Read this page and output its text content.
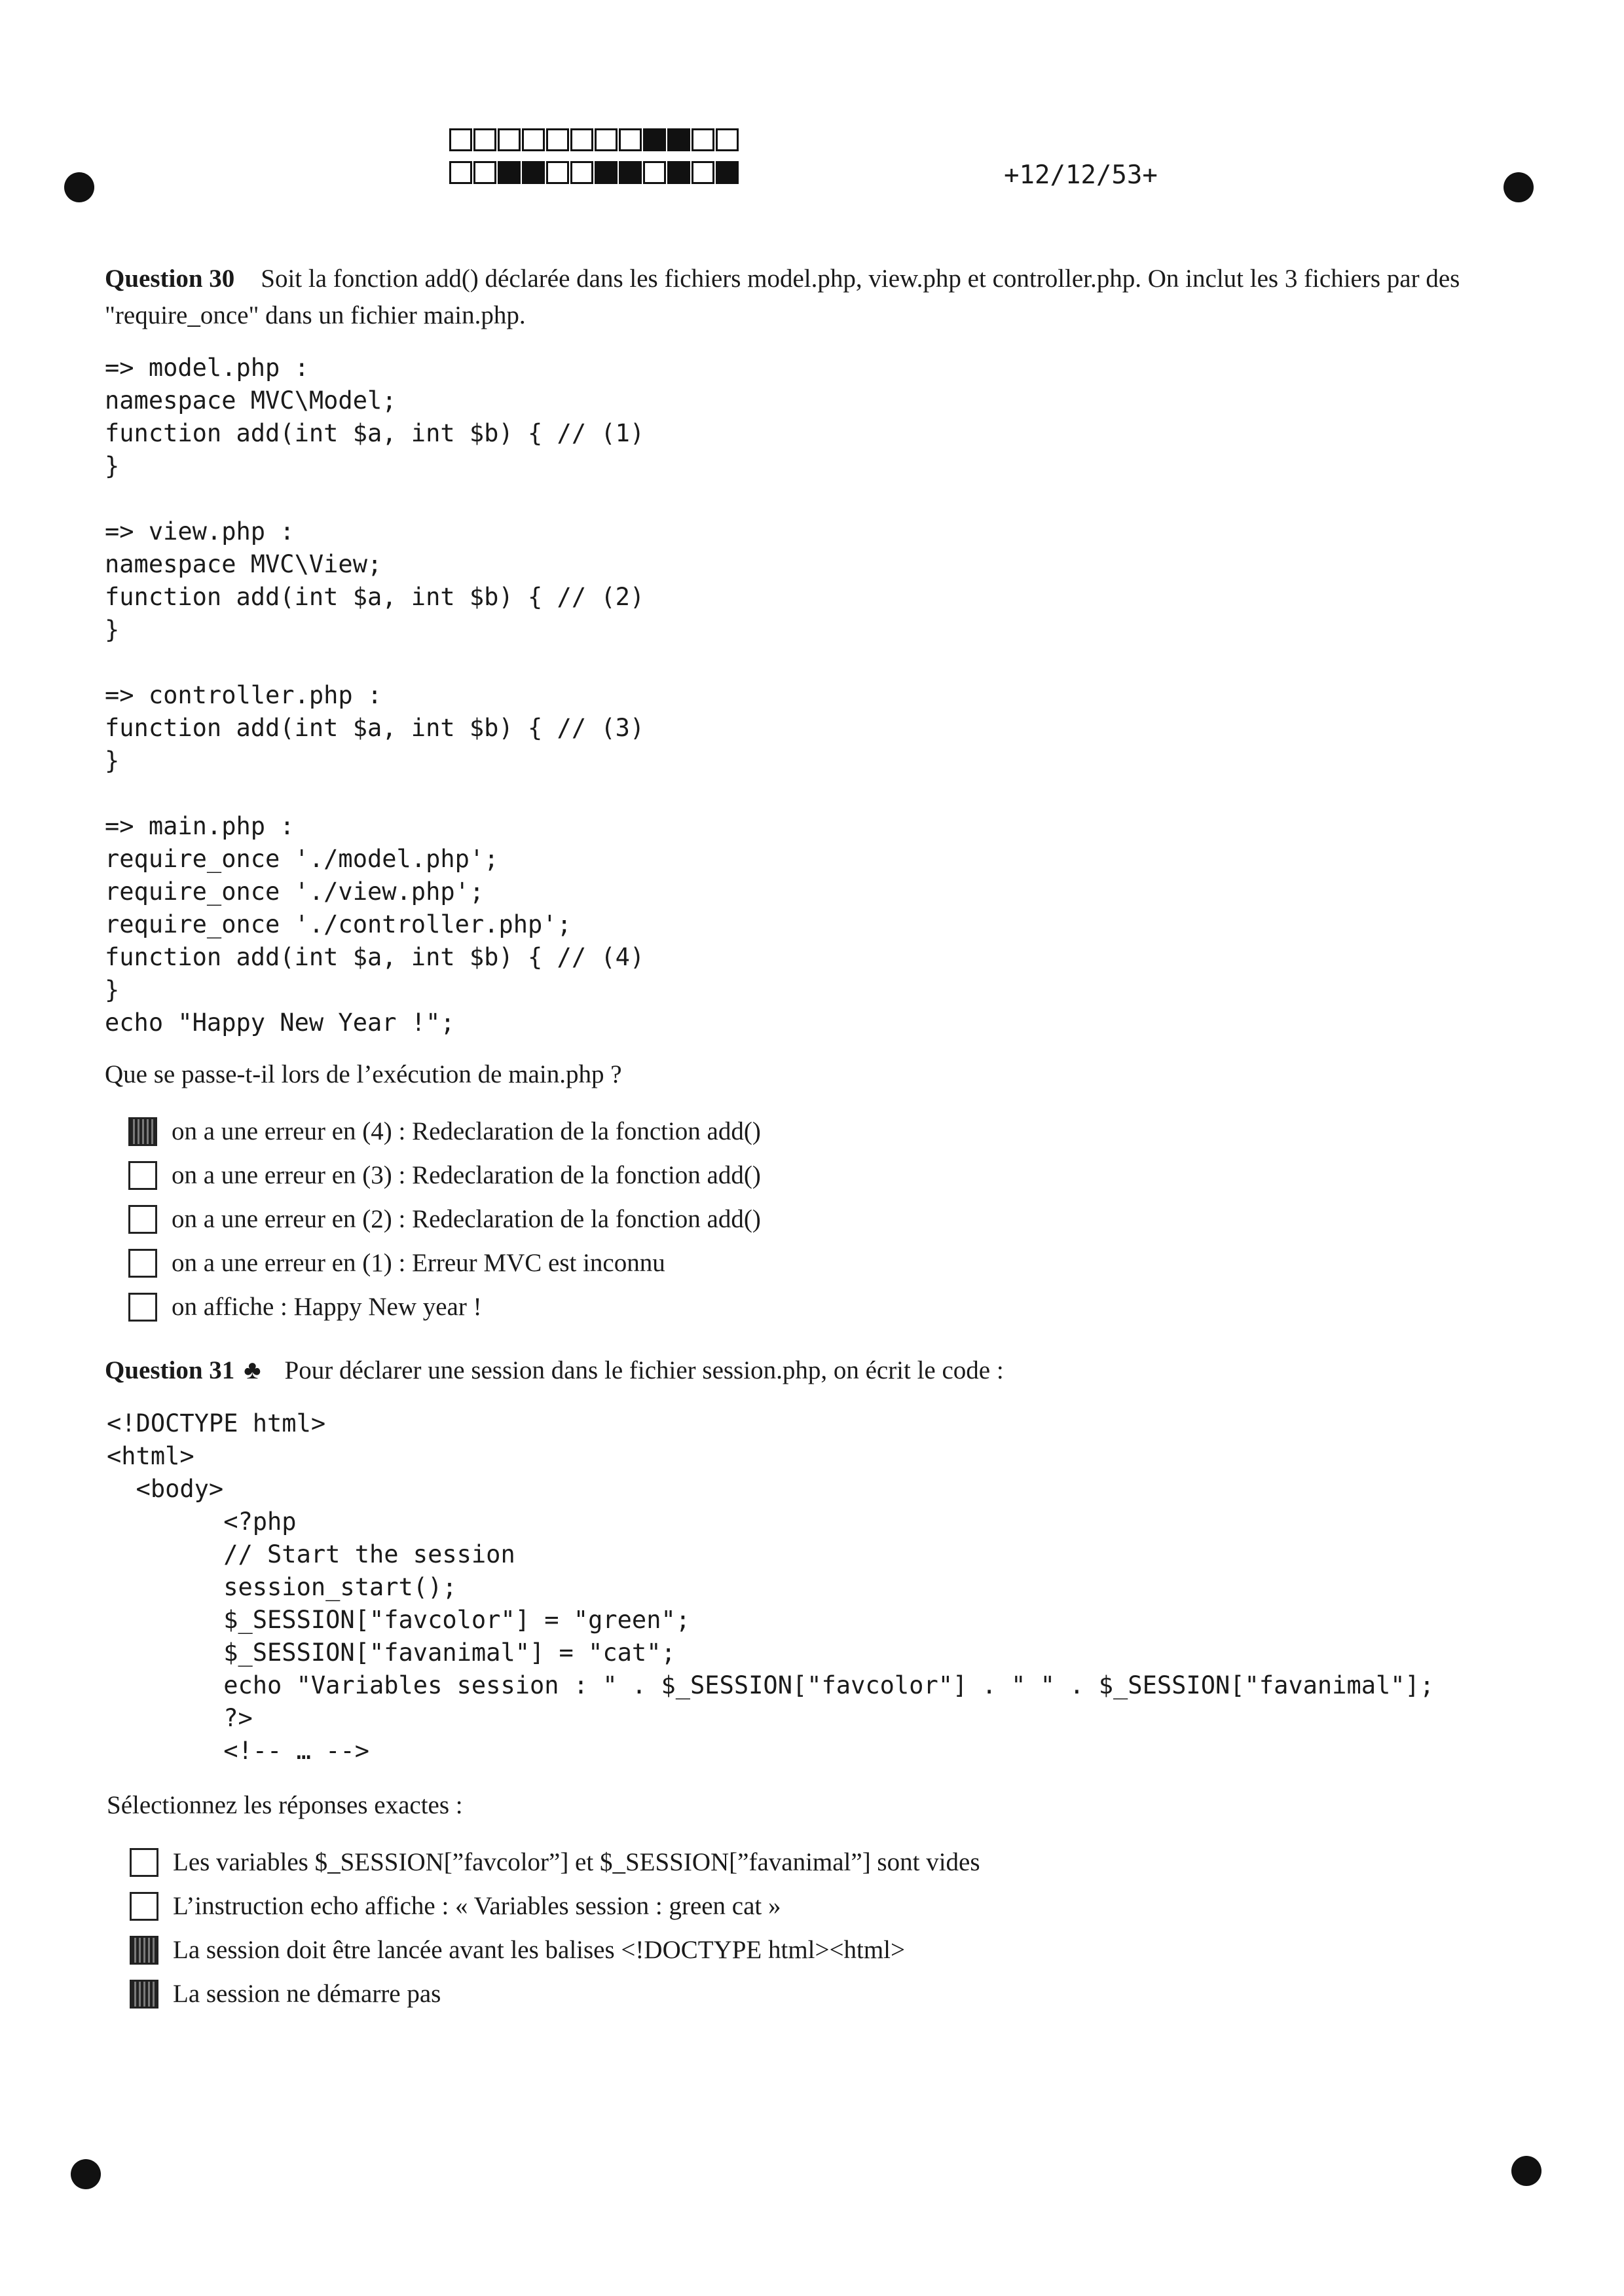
+12/12/53+

Question 30 Soit la fonction add() déclarée dans les fichiers model.php, view.php et controller.php. On inclut les 3 fichiers par des "require_once" dans un fichier main.php.

=> model.php :
namespace MVC\Model;
function add(int $a, int $b) { // (1)
}

=> view.php :
namespace MVC\View;
function add(int $a, int $b) { // (2)
}

=> controller.php :
function add(int $a, int $b) { // (3)
}

=> main.php :
require_once './model.php';
require_once './view.php';
require_once './controller.php';
function add(int $a, int $b) { // (4)
}
echo "Happy New Year !";

Que se passe-t-il lors de l’exécution de main.php ?

on a une erreur en (4) : Redeclaration de la fonction add()
on a une erreur en (3) : Redeclaration de la fonction add()
on a une erreur en (2) : Redeclaration de la fonction add()
on a une erreur en (1) : Erreur MVC est inconnu
on affiche : Happy New year !

Question 31 ♣ Pour déclarer une session dans le fichier session.php, on écrit le code :

<!DOCTYPE html>
<html>
<body>
<?php
// Start the session
session_start();
$_SESSION["favcolor"] = "green";
$_SESSION["favanimal"] = "cat";
echo "Variables session : " . $_SESSION["favcolor"] . " " . $_SESSION["favanimal"];
?>
<!-- … -->

Sélectionnez les réponses exactes :

Les variables $_SESSION[”favcolor”] et $_SESSION[”favanimal”] sont vides
L’instruction echo affiche : « Variables session : green cat »
La session doit être lancée avant les balises <!DOCTYPE html><html>
La session ne démarre pas
